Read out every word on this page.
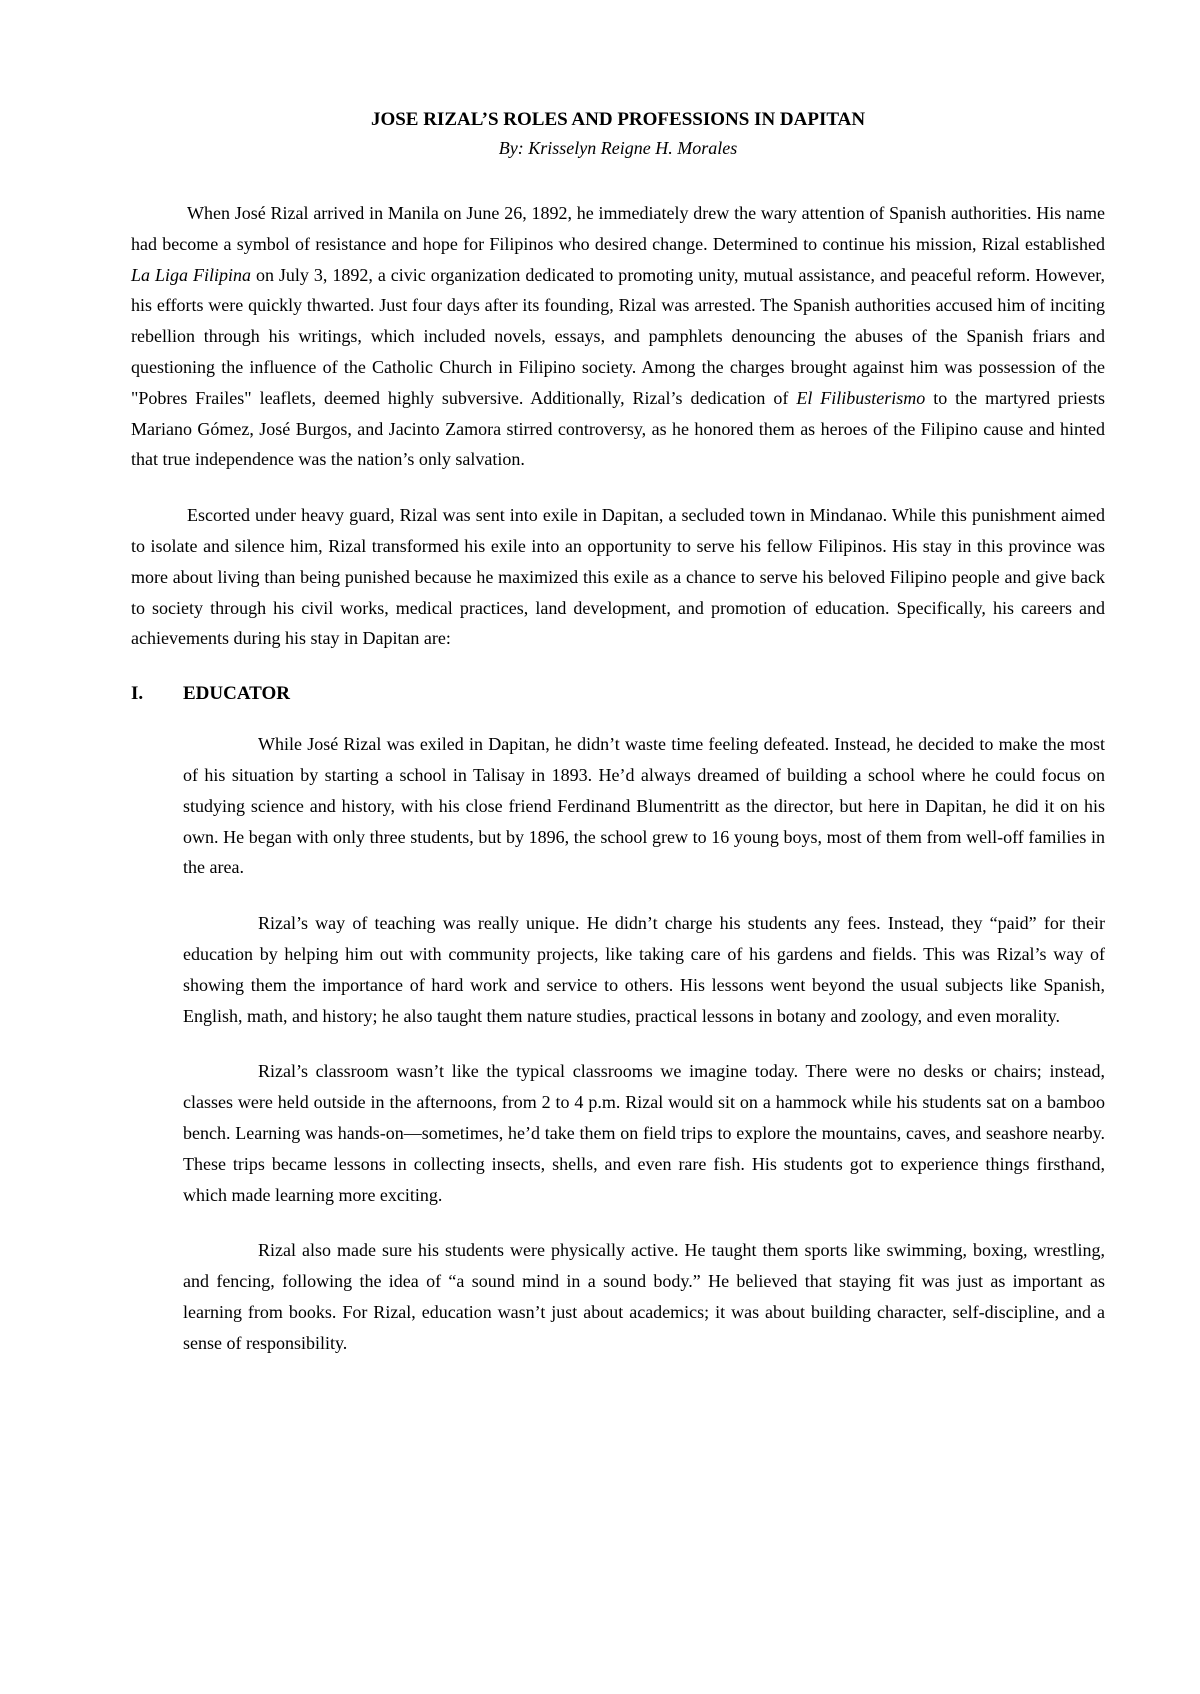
JOSE RIZAL’S ROLES AND PROFESSIONS IN DAPITAN

By: Krisselyn Reigne H. Morales

When José Rizal arrived in Manila on June 26, 1892, he immediately drew the wary attention of Spanish authorities. His name had become a symbol of resistance and hope for Filipinos who desired change. Determined to continue his mission, Rizal established La Liga Filipina on July 3, 1892, a civic organization dedicated to promoting unity, mutual assistance, and peaceful reform. However, his efforts were quickly thwarted. Just four days after its founding, Rizal was arrested. The Spanish authorities accused him of inciting rebellion through his writings, which included novels, essays, and pamphlets denouncing the abuses of the Spanish friars and questioning the influence of the Catholic Church in Filipino society. Among the charges brought against him was possession of the "Pobres Frailes" leaflets, deemed highly subversive. Additionally, Rizal’s dedication of El Filibusterismo to the martyred priests Mariano Gómez, José Burgos, and Jacinto Zamora stirred controversy, as he honored them as heroes of the Filipino cause and hinted that true independence was the nation’s only salvation.

Escorted under heavy guard, Rizal was sent into exile in Dapitan, a secluded town in Mindanao. While this punishment aimed to isolate and silence him, Rizal transformed his exile into an opportunity to serve his fellow Filipinos. His stay in this province was more about living than being punished because he maximized this exile as a chance to serve his beloved Filipino people and give back to society through his civil works, medical practices, land development, and promotion of education. Specifically, his careers and achievements during his stay in Dapitan are:

I.	EDUCATOR

While José Rizal was exiled in Dapitan, he didn’t waste time feeling defeated. Instead, he decided to make the most of his situation by starting a school in Talisay in 1893. He’d always dreamed of building a school where he could focus on studying science and history, with his close friend Ferdinand Blumentritt as the director, but here in Dapitan, he did it on his own. He began with only three students, but by 1896, the school grew to 16 young boys, most of them from well-off families in the area.

Rizal’s way of teaching was really unique. He didn’t charge his students any fees. Instead, they “paid” for their education by helping him out with community projects, like taking care of his gardens and fields. This was Rizal’s way of showing them the importance of hard work and service to others. His lessons went beyond the usual subjects like Spanish, English, math, and history; he also taught them nature studies, practical lessons in botany and zoology, and even morality.

Rizal’s classroom wasn’t like the typical classrooms we imagine today. There were no desks or chairs; instead, classes were held outside in the afternoons, from 2 to 4 p.m. Rizal would sit on a hammock while his students sat on a bamboo bench. Learning was hands-on—sometimes, he’d take them on field trips to explore the mountains, caves, and seashore nearby. These trips became lessons in collecting insects, shells, and even rare fish. His students got to experience things firsthand, which made learning more exciting.

Rizal also made sure his students were physically active. He taught them sports like swimming, boxing, wrestling, and fencing, following the idea of “a sound mind in a sound body.” He believed that staying fit was just as important as learning from books. For Rizal, education wasn’t just about academics; it was about building character, self-discipline, and a sense of responsibility.
